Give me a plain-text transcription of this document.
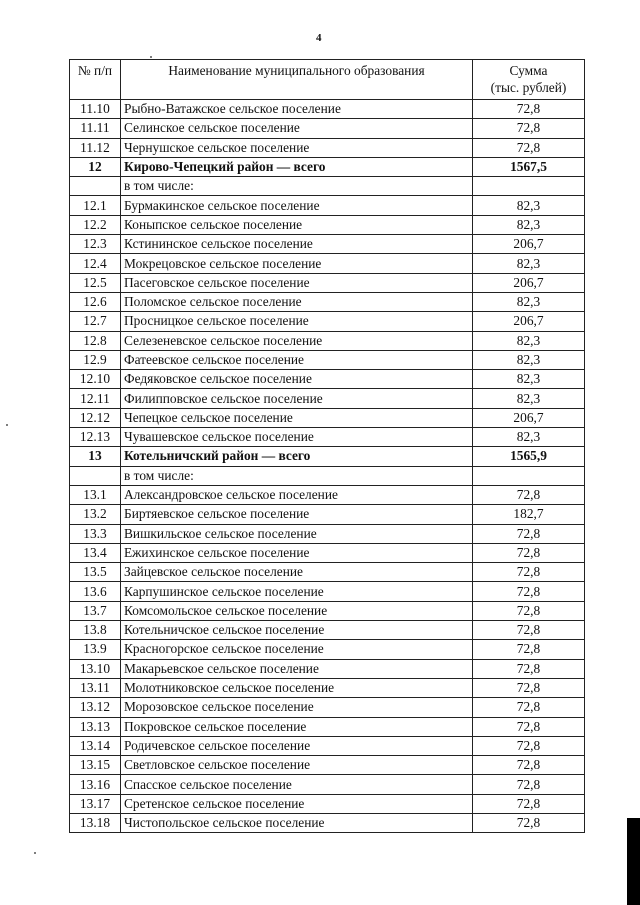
4
№ п/п	Наименование муниципального образования	Сумма
(тыс. рублей)

11.10	Рыбно-Ватажское сельское поселение	72,8
11.11	Селинское сельское поселение	72,8
11.12	Чернушское сельское поселение	72,8
12	Кирово-Чепецкий район — всего	1567,5
	в том числе:	
12.1	Бурмакинское сельское поселение	82,3
12.2	Коныпское сельское поселение	82,3
12.3	Кстининское сельское поселение	206,7
12.4	Мокрецовское сельское поселение	82,3
12.5	Пасеговское сельское поселение	206,7
12.6	Поломское сельское поселение	82,3
12.7	Просницкое сельское поселение	206,7
12.8	Селезеневское сельское поселение	82,3
12.9	Фатеевское сельское поселение	82,3
12.10	Федяковское сельское поселение	82,3
12.11	Филипповское сельское поселение	82,3
12.12	Чепецкое сельское поселение	206,7
12.13	Чувашевское сельское поселение	82,3
13	Котельничский район — всего	1565,9
	в том числе:	
13.1	Александровское сельское поселение	72,8
13.2	Биртяевское сельское поселение	182,7
13.3	Вишкильское сельское поселение	72,8
13.4	Ежихинское сельское поселение	72,8
13.5	Зайцевское сельское поселение	72,8
13.6	Карпушинское сельское поселение	72,8
13.7	Комсомольское сельское поселение	72,8
13.8	Котельничское сельское поселение	72,8
13.9	Красногорское сельское поселение	72,8
13.10	Макарьевское сельское поселение	72,8
13.11	Молотниковское сельское поселение	72,8
13.12	Морозовское сельское поселение	72,8
13.13	Покровское сельское поселение	72,8
13.14	Родичевское сельское поселение	72,8
13.15	Светловское сельское поселение	72,8
13.16	Спасское сельское поселение	72,8
13.17	Сретенское сельское поселение	72,8
13.18	Чистопольское сельское поселение	72,8
